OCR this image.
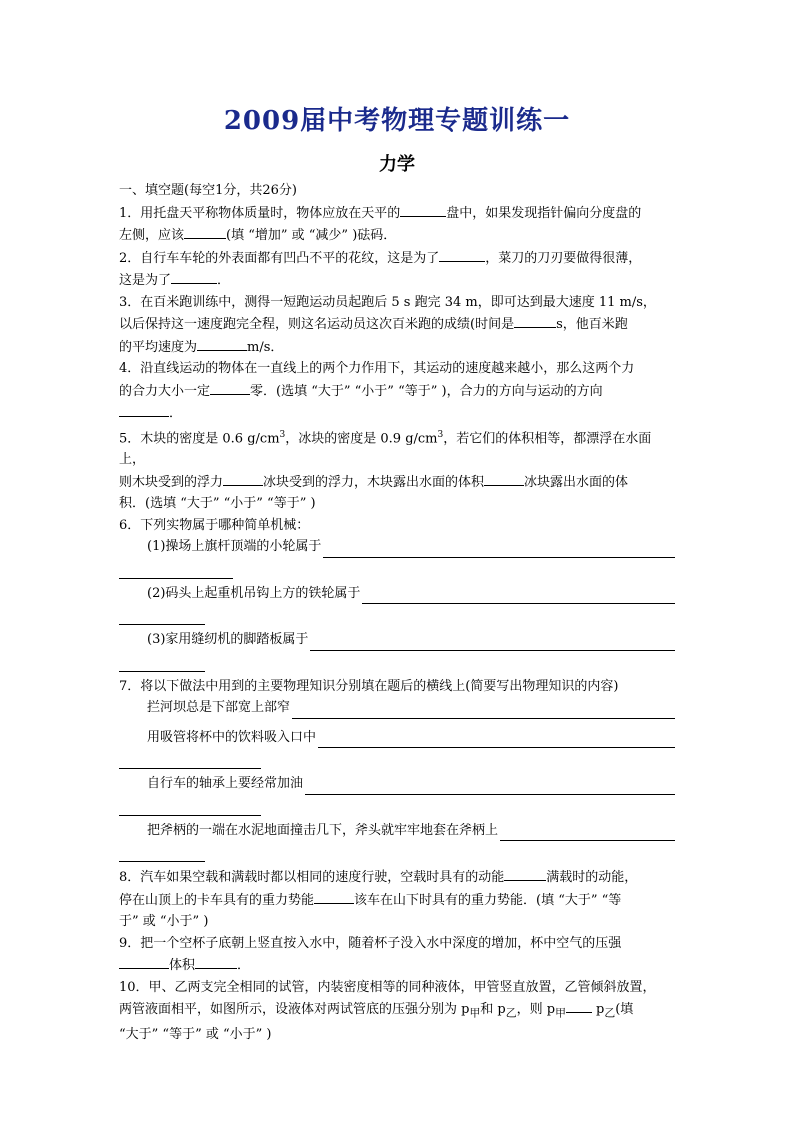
2009届中考物理专题训练一
力学

一、填空题(每空1分，共26分)

1．用托盘天平称物体质量时，物体应放在天平的	盘中，如果发现指针偏向分度盘的

左侧，应该	(填 “增加” 或 “减少” )砝码．

2．自行车车轮的外表面都有凹凸不平的花纹，这是为了	，菜刀的刀刃要做得很薄，

这是为了	．

3．在百米跑训练中，测得一短跑运动员起跑后 5 s 跑完 34 m，即可达到最大速度 11 m/s，

以后保持这一速度跑完全程，则这名运动员这次百米跑的成绩(时间是	s，他百米跑

的平均速度为	m/s．

4．沿直线运动的物体在一直线上的两个力作用下，其运动的速度越来越小，那么这两个力

的合力大小一定	零．(选填 “大于” “小于” “等于” )，合力的方向与运动的方向

．

5．木块的密度是 0.6 $g/cm^3$，冰块的密度是 0.9 $g/cm^3$，若它们的体积相等，都漂浮在水面上，

则木块受到的浮力	冰块受到的浮力，木块露出水面的体积	冰块露出水面的体

积．(选填 “大于” “小于” “等于” )

6．下列实物属于哪种简单机械：

(1)操场上旗杆顶端的小轮属于
(2)码头上起重机吊钩上方的铁轮属于
(3)家用缝纫机的脚踏板属于

7．将以下做法中用到的主要物理知识分别填在题后的横线上(简要写出物理知识的内容)

拦河坝总是下部宽上部窄
用吸管将杯中的饮料吸入口中
自行车的轴承上要经常加油
把斧柄的一端在水泥地面撞击几下，斧头就牢牢地套在斧柄上

8．汽车如果空载和满载时都以相同的速度行驶，空载时具有的动能	满载时的动能，

停在山顶上的卡车具有的重力势能	该车在山下时具有的重力势能．(填 “大于” “等

于” 或 “小于” )

9．把一个空杯子底朝上竖直按入水中，随着杯子没入水中深度的增加，杯中空气的压强

体积	．

10．甲、乙两支完全相同的试管，内装密度相等的同种液体，甲管竖直放置，乙管倾斜放置，

两管液面相平，如图所示，设液体对两试管底的压强分别为 $p_甲$和 $p_乙$，则 $p_甲$ $p_乙$(填

“大于” “等于” 或 “小于” )
